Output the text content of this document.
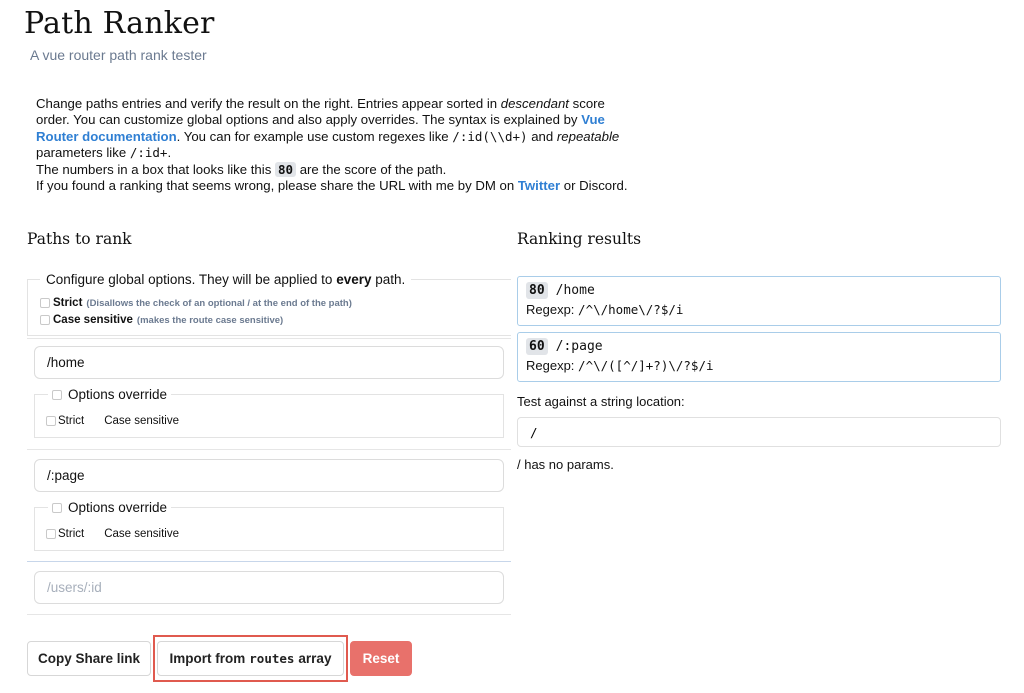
Path Ranker

A vue router path rank tester

Change paths entries and verify the result on the right. Entries appear sorted in descendant score order. You can customize global options and also apply overrides. The syntax is explained by Vue Router documentation. You can for example use custom regexes like /:id(\\d+) and repeatable parameters like /:id+.
The numbers in a box that looks like this 80 are the score of the path.
If you found a ranking that seems wrong, please share the URL with me by DM on Twitter or Discord.
Paths to rank
Configure global options. They will be applied to every path.
Strict (Disallows the check of an optional / at the end of the path)
Case sensitive (makes the route case sensitive)
/home
Options override
Strict Case sensitive
/:page
Options override
Strict Case sensitive
/users/:id
Copy Share link	Import from routes array	Reset
Ranking results
80 /home
Regexp: /^\/home\/?$/i
60 /:page
Regexp: /^\/([^/]+?)\/?$/i
Test against a string location:
/
/ has no params.
